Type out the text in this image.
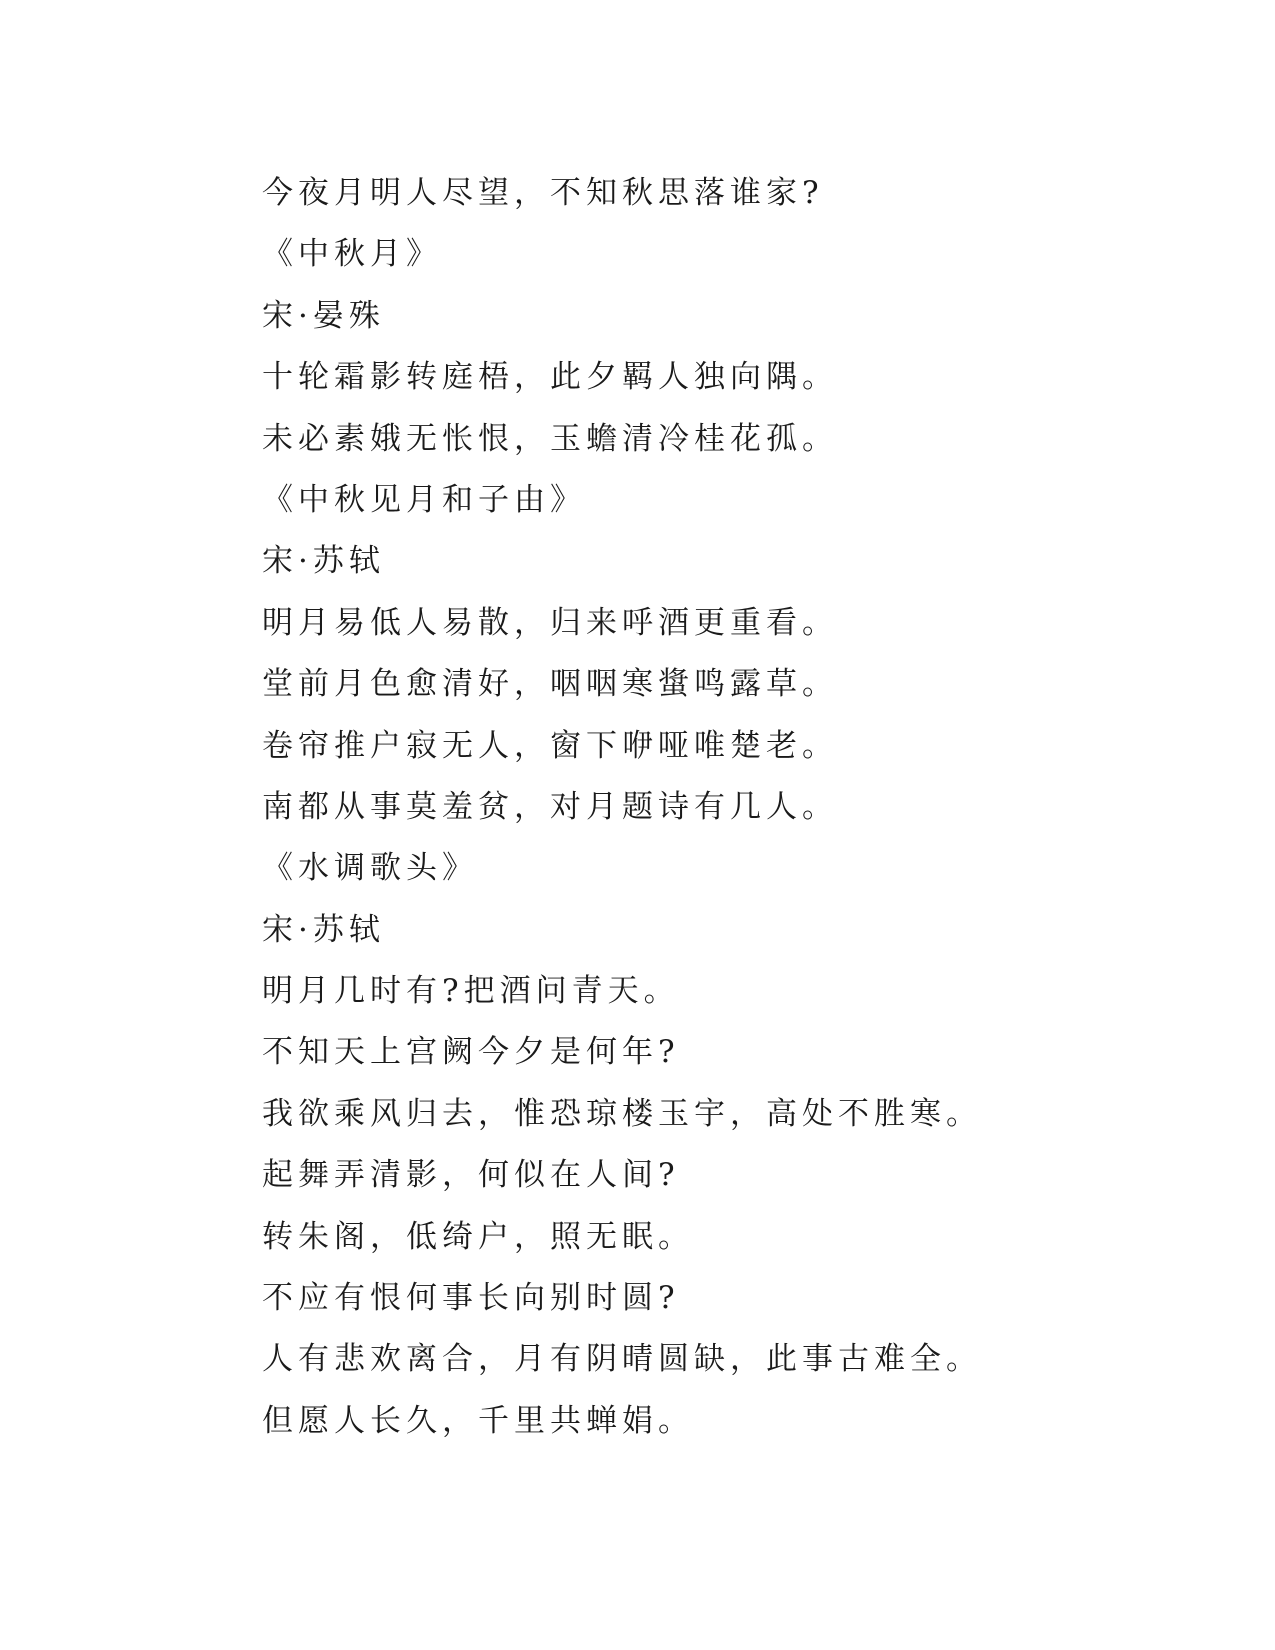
今夜月明人尽望，不知秋思落谁家?
《中秋月》
宋·晏殊
十轮霜影转庭梧，此夕羁人独向隅。
未必素娥无怅恨，玉蟾清冷桂花孤。
《中秋见月和子由》
宋·苏轼
明月易低人易散，归来呼酒更重看。
堂前月色愈清好，咽咽寒螀鸣露草。
卷帘推户寂无人，窗下咿哑唯楚老。
南都从事莫羞贫，对月题诗有几人。
《水调歌头》
宋·苏轼
明月几时有?把酒问青天。
不知天上宫阙今夕是何年?
我欲乘风归去，惟恐琼楼玉宇，高处不胜寒。
起舞弄清影，何似在人间?
转朱阁，低绮户，照无眠。
不应有恨何事长向别时圆?
人有悲欢离合，月有阴晴圆缺，此事古难全。
但愿人长久，千里共蝉娟。
